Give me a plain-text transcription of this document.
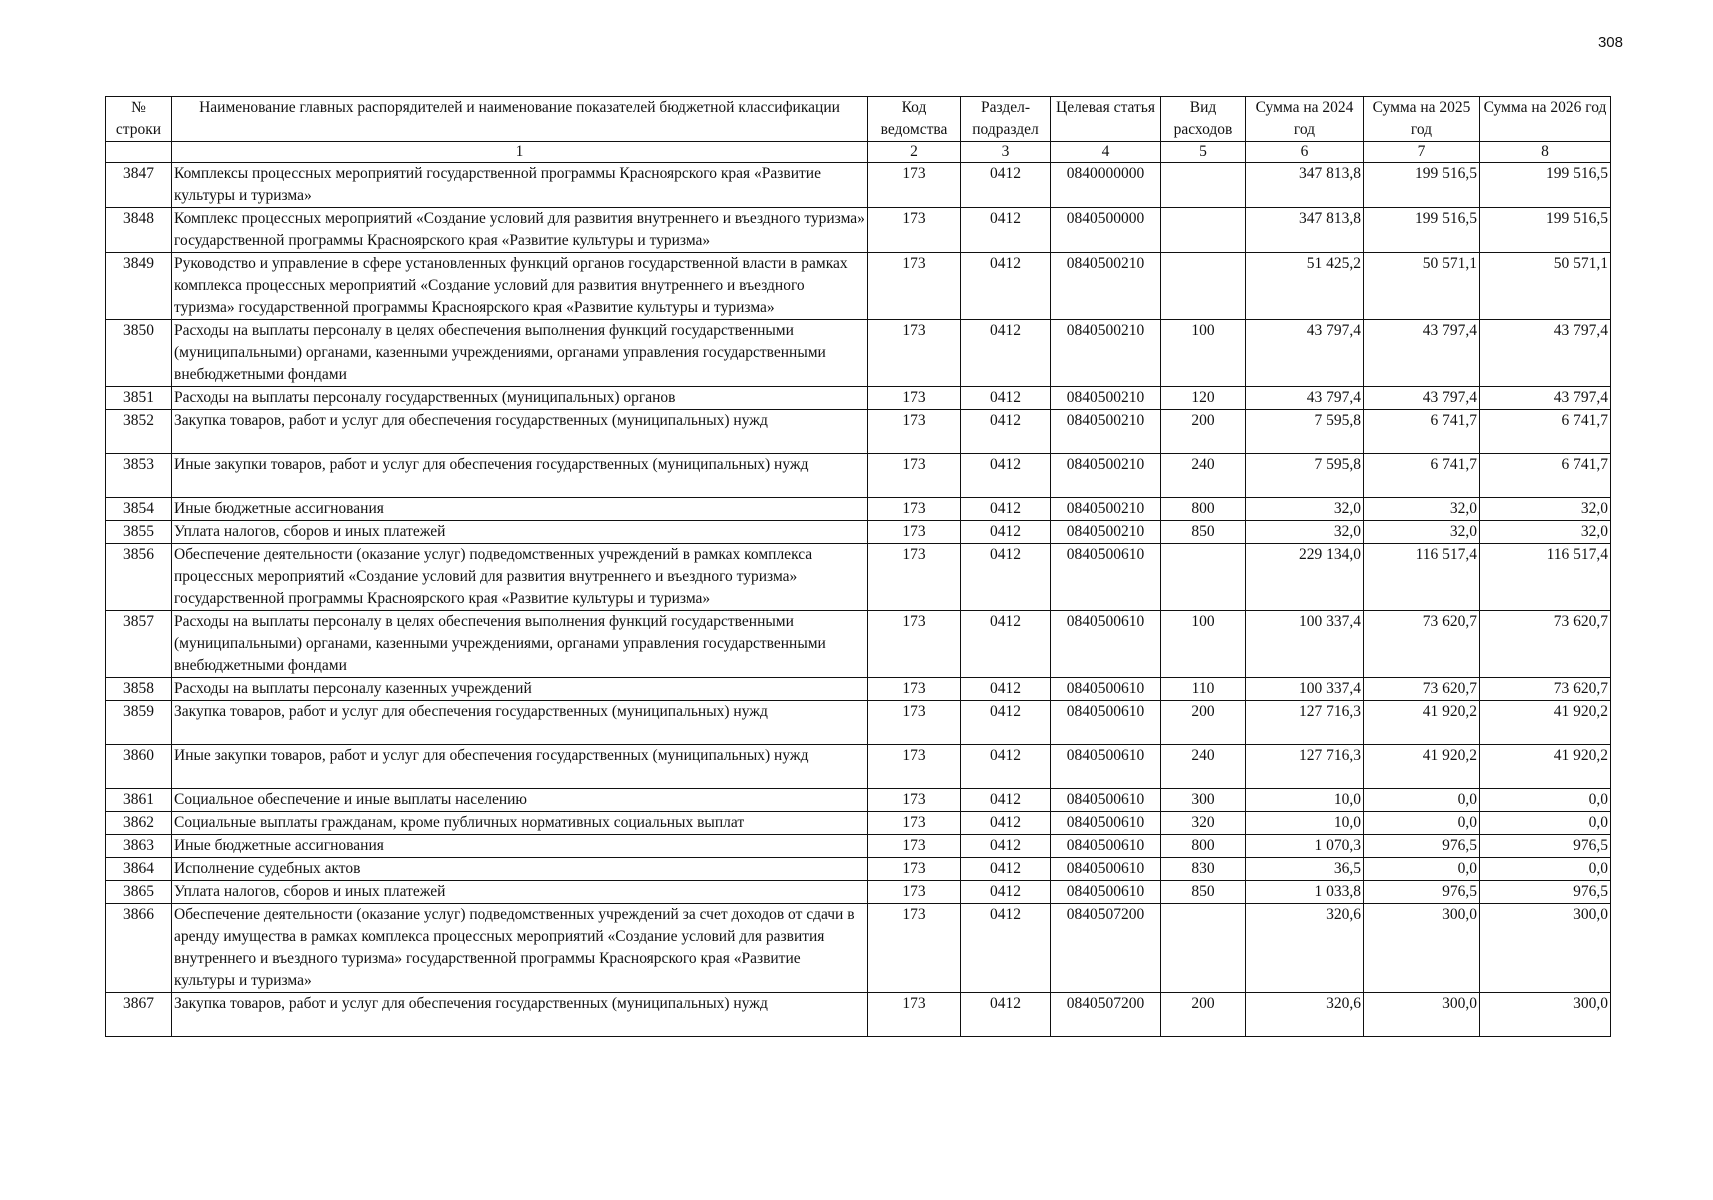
308
№ строки	Наименование главных распорядителей и наименование показателей бюджетной классификации	Код ведомства	Раздел-подраздел	Целевая статья	Вид расходов	Сумма на 2024 год	Сумма на 2025 год	Сумма на 2026 год
	1	2	3	4	5	6	7	8
3847	Комплексы процессных мероприятий государственной программы Красноярского края «Развитие культуры и туризма»	173	0412	0840000000		347 813,8	199 516,5	199 516,5
3848	Комплекс процессных мероприятий «Создание условий для развития внутреннего и въездного туризма» государственной программы Красноярского края «Развитие культуры и туризма»	173	0412	0840500000		347 813,8	199 516,5	199 516,5
3849	Руководство и управление в сфере установленных функций органов государственной власти в рамках комплекса процессных мероприятий «Создание условий для развития внутреннего и въездного туризма» государственной программы Красноярского края «Развитие культуры и туризма»	173	0412	0840500210		51 425,2	50 571,1	50 571,1
3850	Расходы на выплаты персоналу в целях обеспечения выполнения функций государственными (муниципальными) органами, казенными учреждениями, органами управления государственными внебюджетными фондами	173	0412	0840500210	100	43 797,4	43 797,4	43 797,4
3851	Расходы на выплаты персоналу государственных (муниципальных) органов	173	0412	0840500210	120	43 797,4	43 797,4	43 797,4
3852	Закупка товаров, работ и услуг для обеспечения государственных (муниципальных) нужд	173	0412	0840500210	200	7 595,8	6 741,7	6 741,7
3853	Иные закупки товаров, работ и услуг для обеспечения государственных (муниципальных) нужд	173	0412	0840500210	240	7 595,8	6 741,7	6 741,7
3854	Иные бюджетные ассигнования	173	0412	0840500210	800	32,0	32,0	32,0
3855	Уплата налогов, сборов и иных платежей	173	0412	0840500210	850	32,0	32,0	32,0
3856	Обеспечение деятельности (оказание услуг) подведомственных учреждений в рамках комплекса процессных мероприятий «Создание условий для развития внутреннего и въездного туризма» государственной программы Красноярского края «Развитие культуры и туризма»	173	0412	0840500610		229 134,0	116 517,4	116 517,4
3857	Расходы на выплаты персоналу в целях обеспечения выполнения функций государственными (муниципальными) органами, казенными учреждениями, органами управления государственными внебюджетными фондами	173	0412	0840500610	100	100 337,4	73 620,7	73 620,7
3858	Расходы на выплаты персоналу казенных учреждений	173	0412	0840500610	110	100 337,4	73 620,7	73 620,7
3859	Закупка товаров, работ и услуг для обеспечения государственных (муниципальных) нужд	173	0412	0840500610	200	127 716,3	41 920,2	41 920,2
3860	Иные закупки товаров, работ и услуг для обеспечения государственных (муниципальных) нужд	173	0412	0840500610	240	127 716,3	41 920,2	41 920,2
3861	Социальное обеспечение и иные выплаты населению	173	0412	0840500610	300	10,0	0,0	0,0
3862	Социальные выплаты гражданам, кроме публичных нормативных социальных выплат	173	0412	0840500610	320	10,0	0,0	0,0
3863	Иные бюджетные ассигнования	173	0412	0840500610	800	1 070,3	976,5	976,5
3864	Исполнение судебных актов	173	0412	0840500610	830	36,5	0,0	0,0
3865	Уплата налогов, сборов и иных платежей	173	0412	0840500610	850	1 033,8	976,5	976,5
3866	Обеспечение деятельности (оказание услуг) подведомственных учреждений за счет доходов от сдачи в аренду имущества в рамках комплекса процессных мероприятий «Создание условий для развития внутреннего и въездного туризма» государственной программы Красноярского края «Развитие культуры и туризма»	173	0412	0840507200		320,6	300,0	300,0
3867	Закупка товаров, работ и услуг для обеспечения государственных (муниципальных) нужд	173	0412	0840507200	200	320,6	300,0	300,0
